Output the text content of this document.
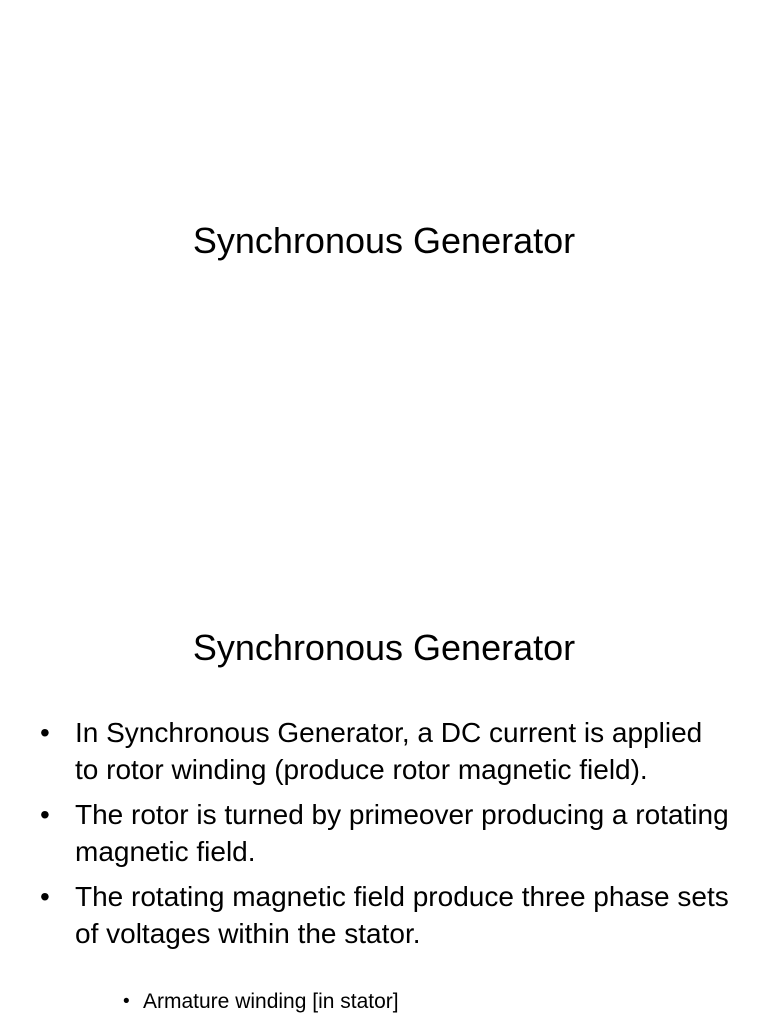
Synchronous Generator
Synchronous Generator
• In Synchronous Generator, a DC current is applied to rotor winding (produce rotor magnetic field).
• The rotor is turned by primeover producing a rotating magnetic field.
• The rotating magnetic field produce three phase sets of voltages within the stator.
• Armature winding [in stator]
